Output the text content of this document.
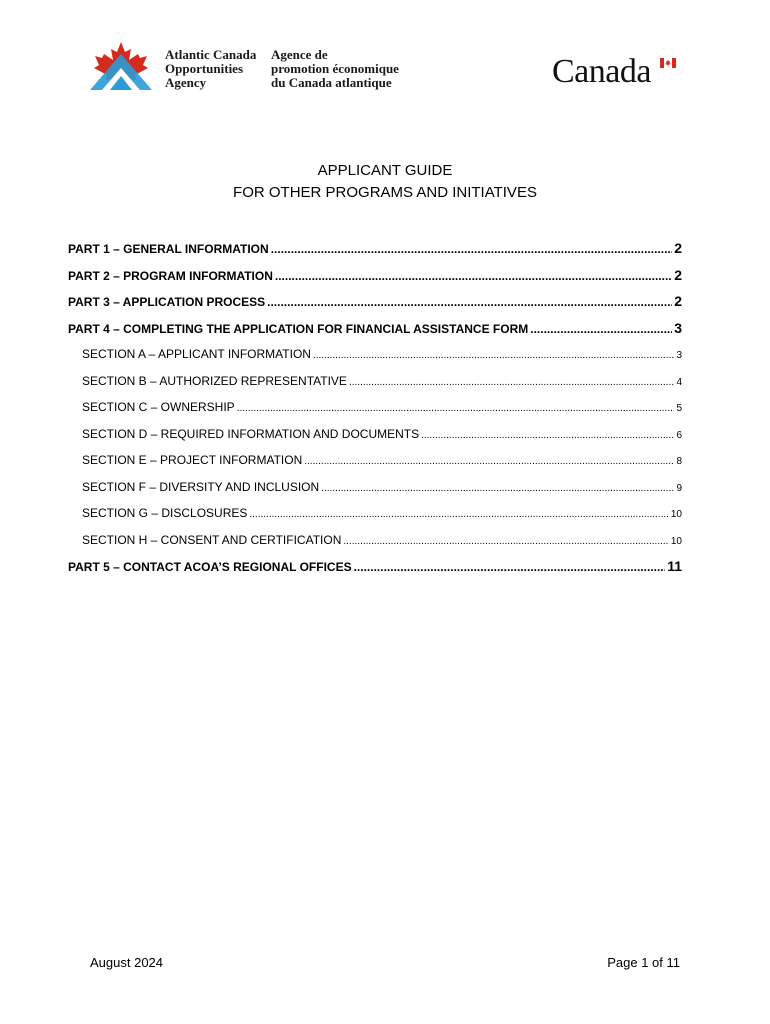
Atlantic Canada
Opportunities
Agency
Agence de
promotion économique
du Canada atlantique	Canada
APPLICANT GUIDE
FOR OTHER PROGRAMS AND INITIATIVES
PART 1 – GENERAL INFORMATION .....	2
PART 2 – PROGRAM INFORMATION .....	2
PART 3 – APPLICATION PROCESS .....	2
PART 4 – COMPLETING THE APPLICATION FOR FINANCIAL ASSISTANCE FORM .....	3
SECTION A – APPLICANT INFORMATION .....	3
SECTION B – AUTHORIZED REPRESENTATIVE .....	4
SECTION C – OWNERSHIP .....	5
SECTION D – REQUIRED INFORMATION AND DOCUMENTS .....	6
SECTION E – PROJECT INFORMATION .....	8
SECTION F – DIVERSITY AND INCLUSION .....	9
SECTION G – DISCLOSURES .....	10
SECTION H – CONSENT AND CERTIFICATION .....	10
PART 5 – CONTACT ACOA’S REGIONAL OFFICES .....	11
August 2024	Page 1 of 11
